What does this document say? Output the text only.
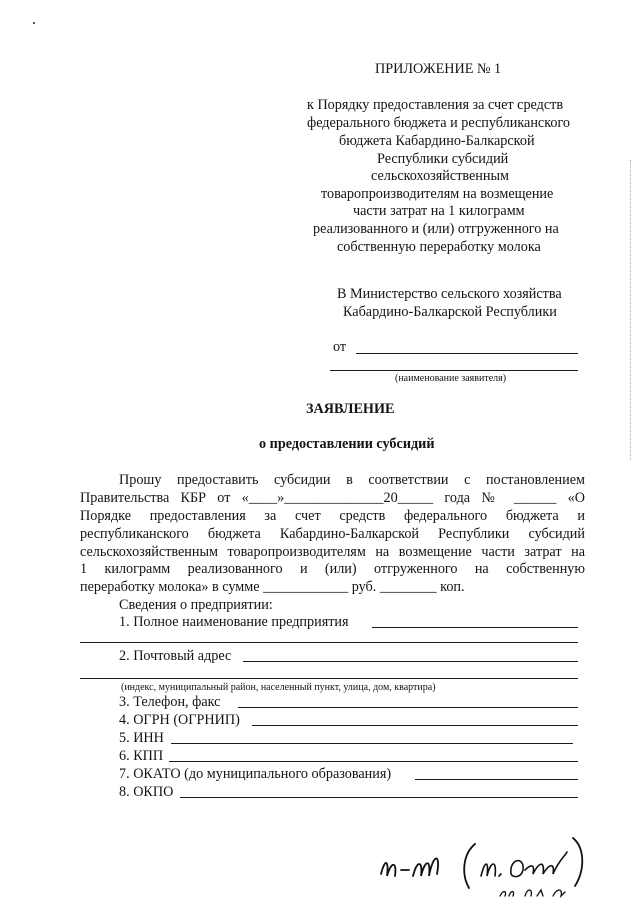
ПРИЛОЖЕНИЕ № 1
к Порядку предоставления за счет средств
федерального бюджета и республиканского
бюджета Кабардино-Балкарской
Республики субсидий
сельскохозяйственным
товаропроизводителям на возмещение
части затрат на 1 килограмм
реализованного и (или) отгруженного на
собственную переработку молока
В Министерство сельского хозяйства
Кабардино-Балкарской Республики
от
(наименование заявителя)
ЗАЯВЛЕНИЕ
о предоставлении субсидий
Прошу предоставить субсидии в соответствии с постановлением
Правительства КБР от «____»______________20_____ года № ______ «О
Порядке предоставления за счет средств федерального бюджета и
республиканского бюджета Кабардино-Балкарской Республики субсидий
сельскохозяйственным товаропроизводителям на возмещение части затрат на
1 килограмм реализованного и (или) отгруженного на собственную
переработку молока» в сумме ____________ руб. ________ коп.
Сведения о предприятии:
1. Полное наименование предприятия
2. Почтовый адрес
(индекс, муниципальный район, населенный пункт, улица, дом, квартира)
3. Телефон, факс
4. ОГРН (ОГРНИП)
5. ИНН
6. КПП
7. ОКАТО (до муниципального образования)
8. ОКПО
